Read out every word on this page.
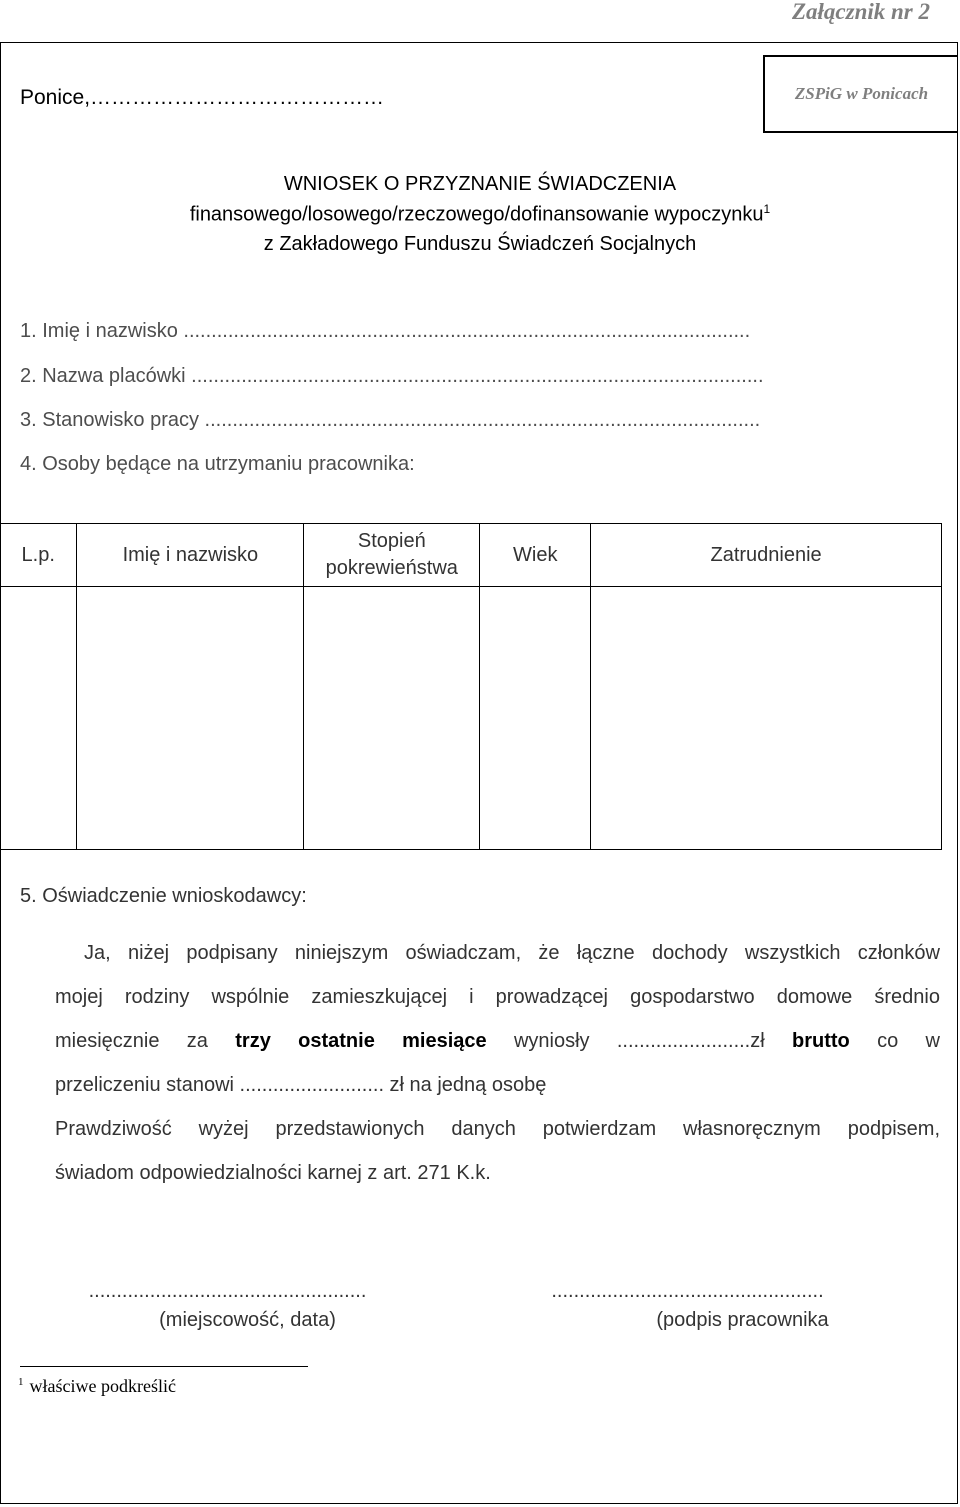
Załącznik nr 2
ZSPiG w Ponicach
Ponice,……………………………………
WNIOSEK O PRZYZNANIE ŚWIADCZENIA
finansowego/losowego/rzeczowego/dofinansowanie wypoczynku$^1$
z Zakładowego Funduszu Świadczeń Socjalnych
1. Imię i nazwisko ......................................................................................................
2. Nazwa placówki .......................................................................................................
3. Stanowisko pracy ....................................................................................................
4. Osoby będące na utrzymaniu pracownika:
L.p.	Imię i nazwisko	Stopień pokrewieństwa	Wiek	Zatrudnienie

5. Oświadczenie wnioskodawcy:
Ja, niżej podpisany niniejszym oświadczam, że łączne dochody wszystkich członków
mojej rodziny wspólnie zamieszkującej i prowadzącej gospodarstwo domowe średnio
miesięcznie za trzy ostatnie miesiące wyniosły ........................zł brutto co w
przeliczeniu stanowi .......................... zł na jedną osobę
Prawdziwość wyżej przedstawionych danych potwierdzam własnoręcznym podpisem,
świadom odpowiedzialności karnej z art. 271 K.k.
..................................................
(miejscowość, data)
.................................................
(podpis pracownika
$^1$ właściwe podkreślić
